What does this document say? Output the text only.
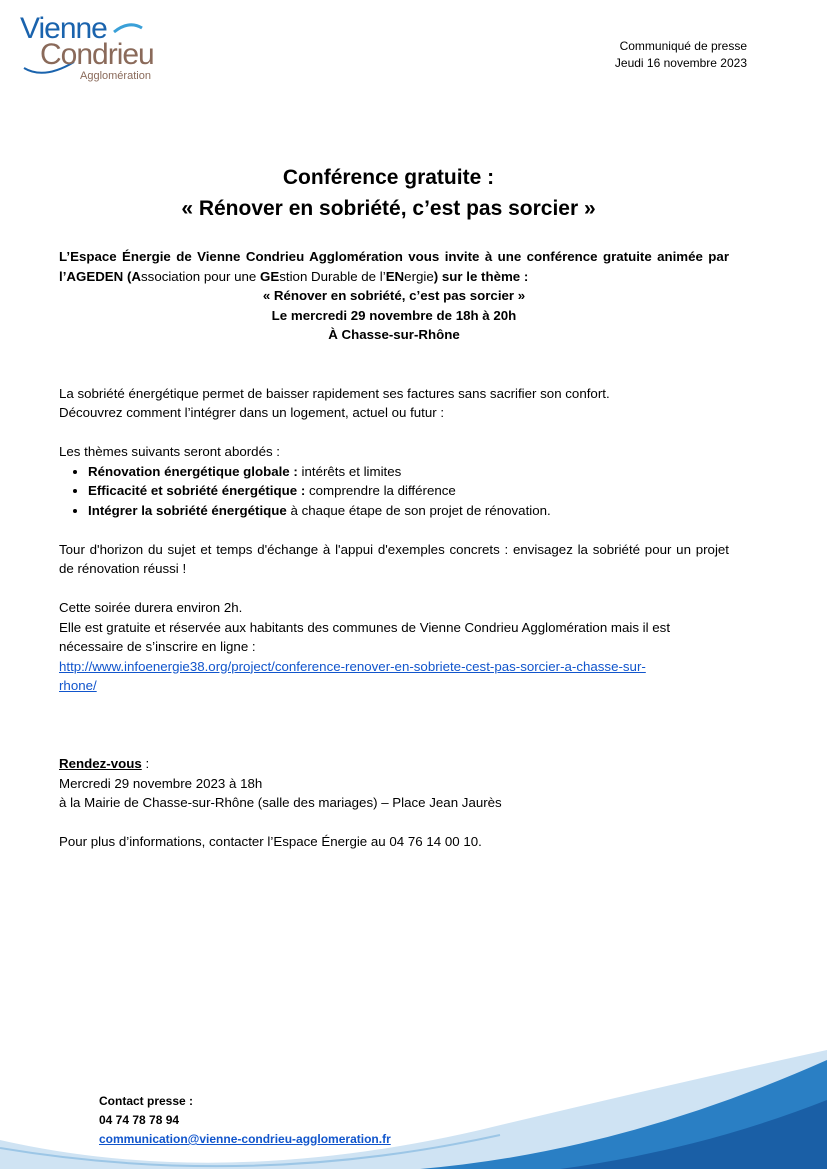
Vienne
Condrieu
Agglomération
Communiqué de presse
Jeudi 16 novembre 2023
Conférence gratuite :
« Rénover en sobriété, c’est pas sorcier »

L’Espace Énergie de Vienne Condrieu Agglomération vous invite à une conférence gratuite animée par l’AGEDEN (Association pour une GEstion Durable de l’ENergie) sur le thème :

« Rénover en sobriété, c’est pas sorcier »

Le mercredi 29 novembre de 18h à 20h

À Chasse-sur-Rhône

La sobriété énergétique permet de baisser rapidement ses factures sans sacrifier son confort.

Découvrez comment l’intégrer dans un logement, actuel ou futur :

Les thèmes suivants seront abordés :

• Rénovation énergétique globale : intérêts et limites
• Efficacité et sobriété énergétique : comprendre la différence
• Intégrer la sobriété énergétique à chaque étape de son projet de rénovation.

Tour d'horizon du sujet et temps d'échange à l'appui d'exemples concrets : envisagez la sobriété pour un projet de rénovation réussi !

Cette soirée durera environ 2h.

Elle est gratuite et réservée aux habitants des communes de Vienne Condrieu Agglomération mais il est nécessaire de s’inscrire en ligne :

http://www.infoenergie38.org/project/conference-renover-en-sobriete-cest-pas-sorcier-a-chasse-sur-
rhone/

Rendez-vous :

Mercredi 29 novembre 2023 à 18h

à la Mairie de Chasse-sur-Rhône (salle des mariages) – Place Jean Jaurès

Pour plus d’informations, contacter l’Espace Énergie au 04 76 14 00 10.

Contact presse :
04 74 78 78 94
communication@vienne-condrieu-agglomeration.fr
